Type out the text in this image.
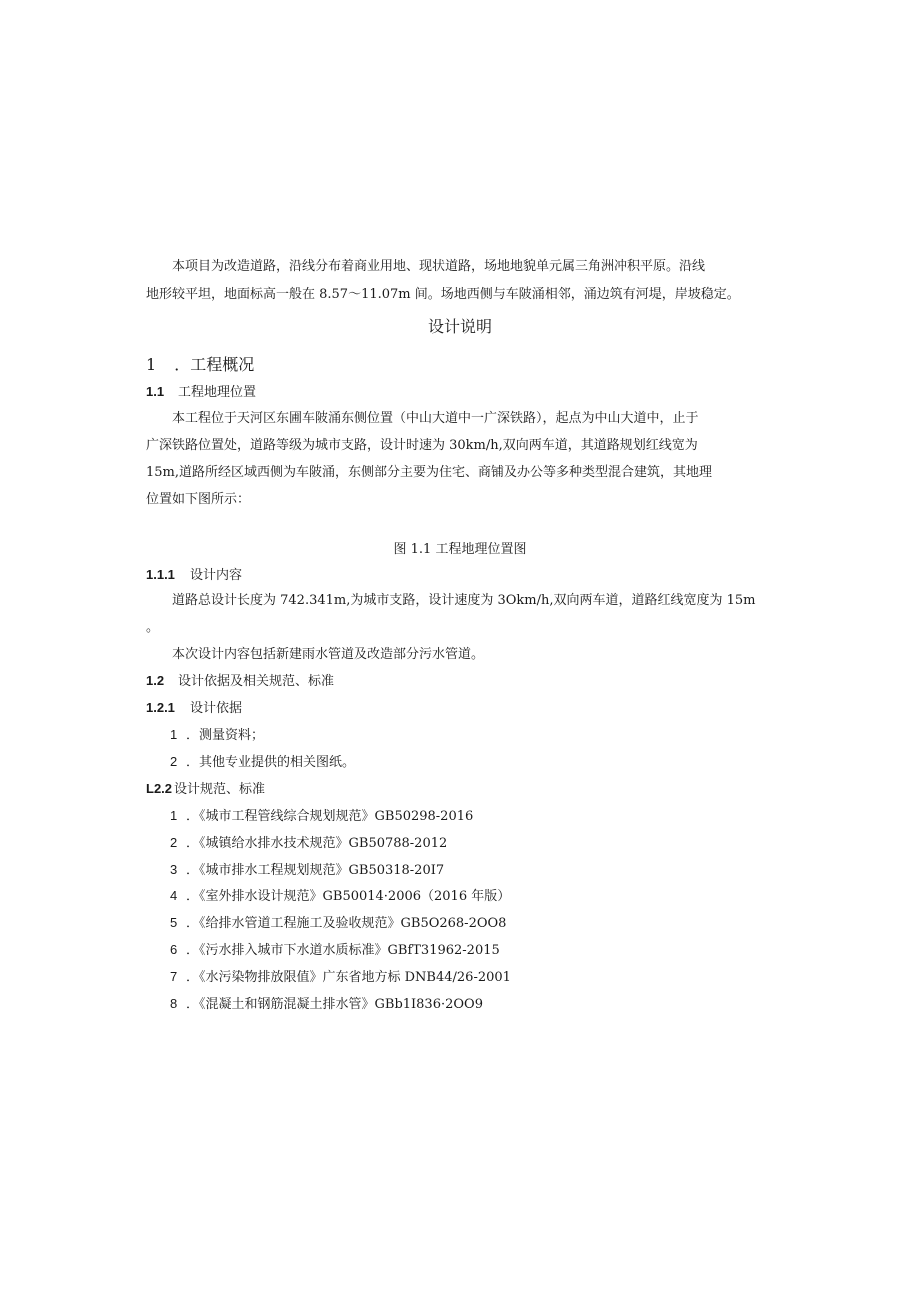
本项目为改造道路，沿线分布着商业用地、现状道路，场地地貌单元属三角洲冲积平原。沿线
地形较平坦，地面标高一般在 8.57～11.07m 间。场地西侧与车陂涌相邻，涌边筑有河堤，岸坡稳定。
设计说明
1 ．工程概况
1.1 工程地理位置
本工程位于天河区东圃车陂涌东侧位置（中山大道中一广深铁路），起点为中山大道中，止于
广深铁路位置处，道路等级为城市支路，设计时速为 30km/h,双向两车道，其道路规划红线宽为
15m,道路所经区域西侧为车陂涌，东侧部分主要为住宅、商铺及办公等多种类型混合建筑，其地理
位置如下图所示：
图 1.1 工程地理位置图
1.1.1 设计内容
道路总设计长度为 742.341m,为城市支路，设计速度为 3Okm/h,双向两车道，道路红线宽度为 15m
。
本次设计内容包括新建雨水管道及改造部分污水管道。
1.2 设计依据及相关规范、标准
1.2.1 设计依据
1 ．测量资料；
2 ．其他专业提供的相关图纸。
L2.2 设计规范、标准
1 ．《城市工程管线综合规划规范》GB50298-2016
2 ．《城镇给水排水技术规范》GB50788-2012
3 ．《城市排水工程规划规范》GB50318-20I7
4 ．《室外排水设计规范》GB50014·2006（2016 年版）
5 ．《给排水管道工程施工及验收规范》GB5O268-2OO8
6 ．《污水排入城市下水道水质标准》GBfT31962-2015
7 ．《水污染物排放限值》广东省地方标 DNB44/26-2001
8 ．《混凝土和钢筋混凝土排水管》GBb1I836·2OO9
